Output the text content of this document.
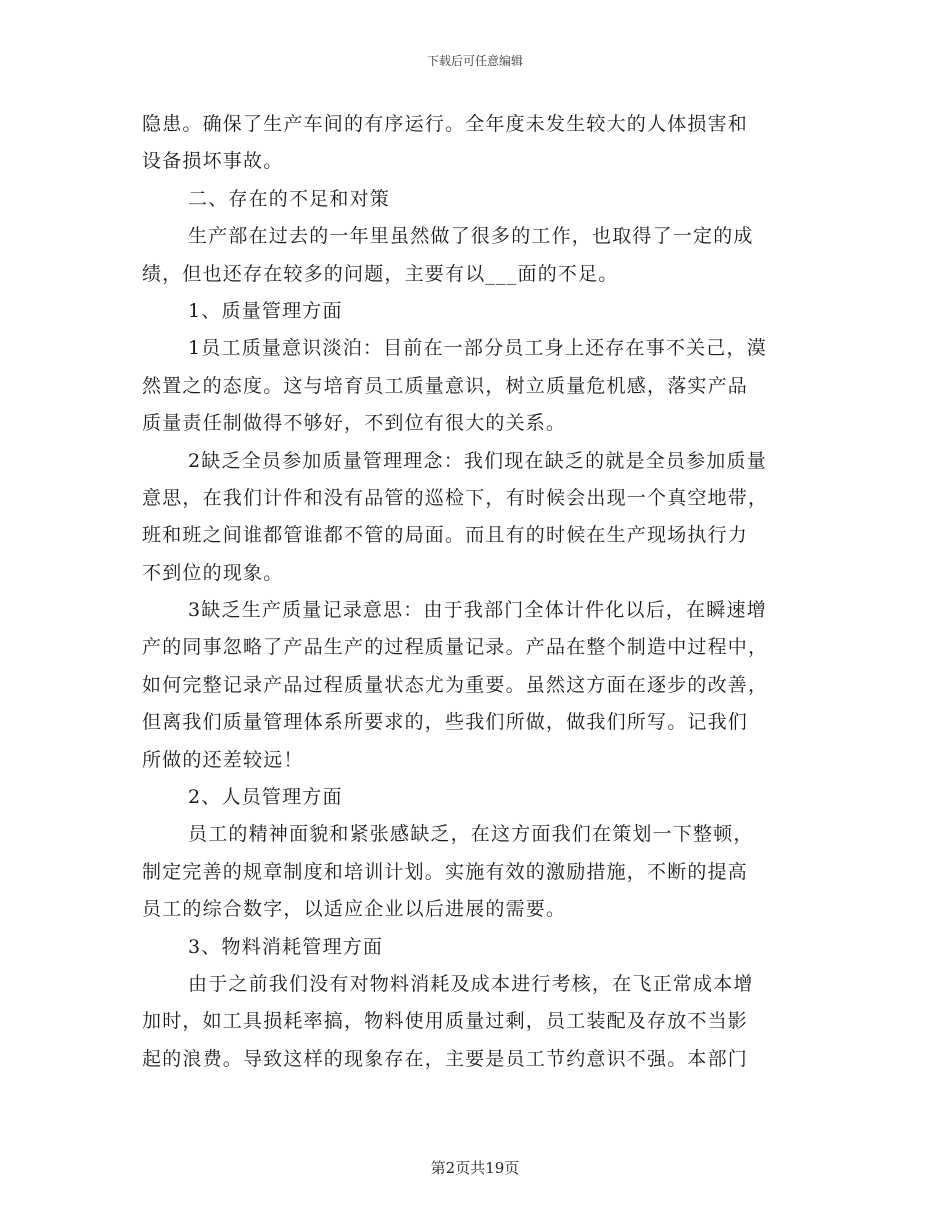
下载后可任意编辑
隐患。确保了生产车间的有序运行。全年度未发生较大的人体损害和
设备损坏事故。
二、存在的不足和对策
生产部在过去的一年里虽然做了很多的工作，也取得了一定的成
绩，但也还存在较多的问题，主要有以___面的不足。
1、质量管理方面
1员工质量意识淡泊：目前在一部分员工身上还存在事不关己，漠
然置之的态度。这与培育员工质量意识，树立质量危机感，落实产品
质量责任制做得不够好，不到位有很大的关系。
2缺乏全员参加质量管理理念：我们现在缺乏的就是全员参加质量
意思，在我们计件和没有品管的巡检下，有时候会出现一个真空地带，
班和班之间谁都管谁都不管的局面。而且有的时候在生产现场执行力
不到位的现象。
3缺乏生产质量记录意思：由于我部门全体计件化以后，在瞬速增
产的同事忽略了产品生产的过程质量记录。产品在整个制造中过程中，
如何完整记录产品过程质量状态尤为重要。虽然这方面在逐步的改善，
但离我们质量管理体系所要求的，些我们所做，做我们所写。记我们
所做的还差较远！
2、人员管理方面
员工的精神面貌和紧张感缺乏，在这方面我们在策划一下整顿，
制定完善的规章制度和培训计划。实施有效的激励措施，不断的提高
员工的综合数字，以适应企业以后进展的需要。
3、物料消耗管理方面
由于之前我们没有对物料消耗及成本进行考核，在飞正常成本增
加时，如工具损耗率搞，物料使用质量过剩，员工装配及存放不当影
起的浪费。导致这样的现象存在，主要是员工节约意识不强。本部门
第2页共19页
